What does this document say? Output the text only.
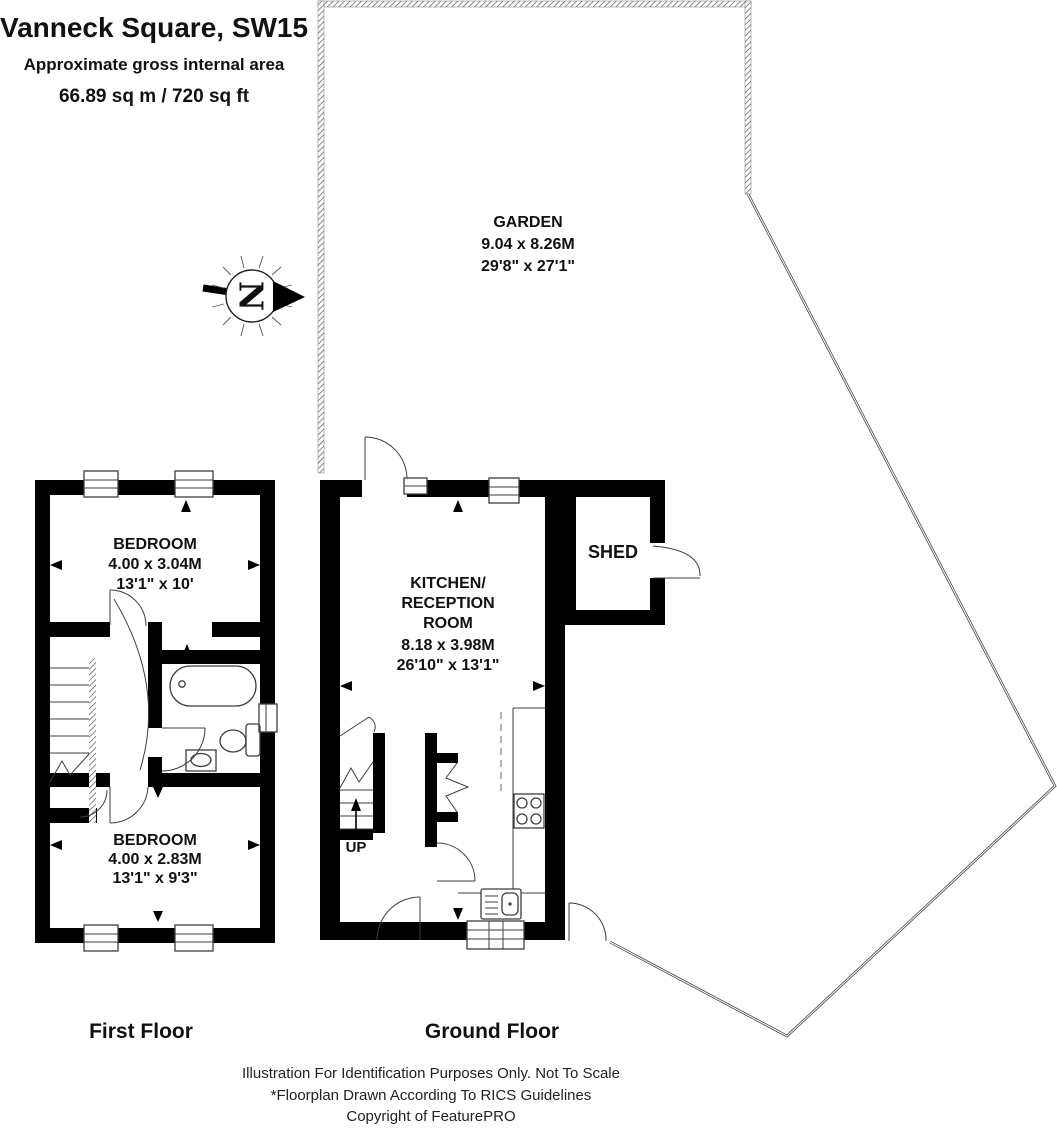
GARDEN
9.04 x 8.26M
29'8" x 27'1"
N
BEDROOM
4.00 x 3.04M
13'1" x 10'
BEDROOM
4.00 x 2.83M
13'1" x 9'3"
SHED
UP
KITCHEN/
RECEPTION
ROOM
8.18 x 3.98M
26'10" x 13'1"
Vanneck Square, SW15
Approximate gross internal area
66.89 sq m / 720 sq ft
First Floor	Ground Floor
Illustration For Identification Purposes Only. Not To Scale
*Floorplan Drawn According To RICS Guidelines
Copyright of FeaturePRO
